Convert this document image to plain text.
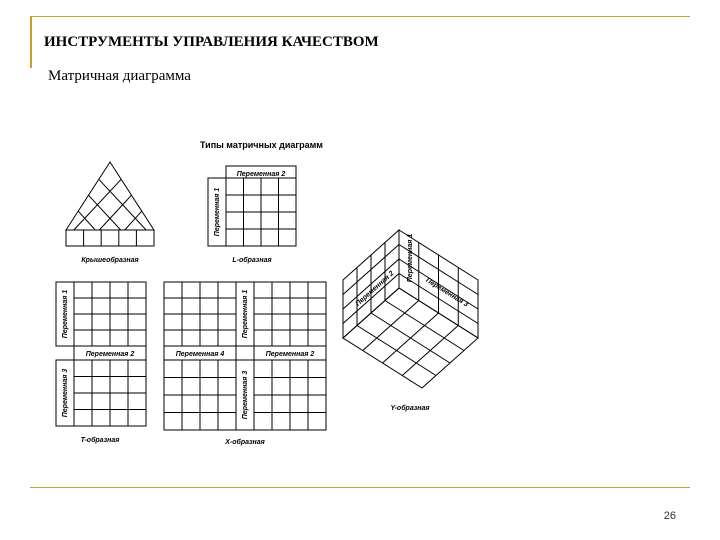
ИНСТРУМЕНТЫ УПРАВЛЕНИЯ КАЧЕСТВОМ
Матричная диаграмма
Типы матричных диаграмм
Крышеобразная
Переменная 2
Переменная 1
L-образная
Переменная 1
Переменная 2
Переменная 3
T-образная
Переменная 1
Переменная 4	Переменная 2
Переменная 3
Х-образная
Переменная 2
Переменная 1
Переменная 3
Y-образная
26
